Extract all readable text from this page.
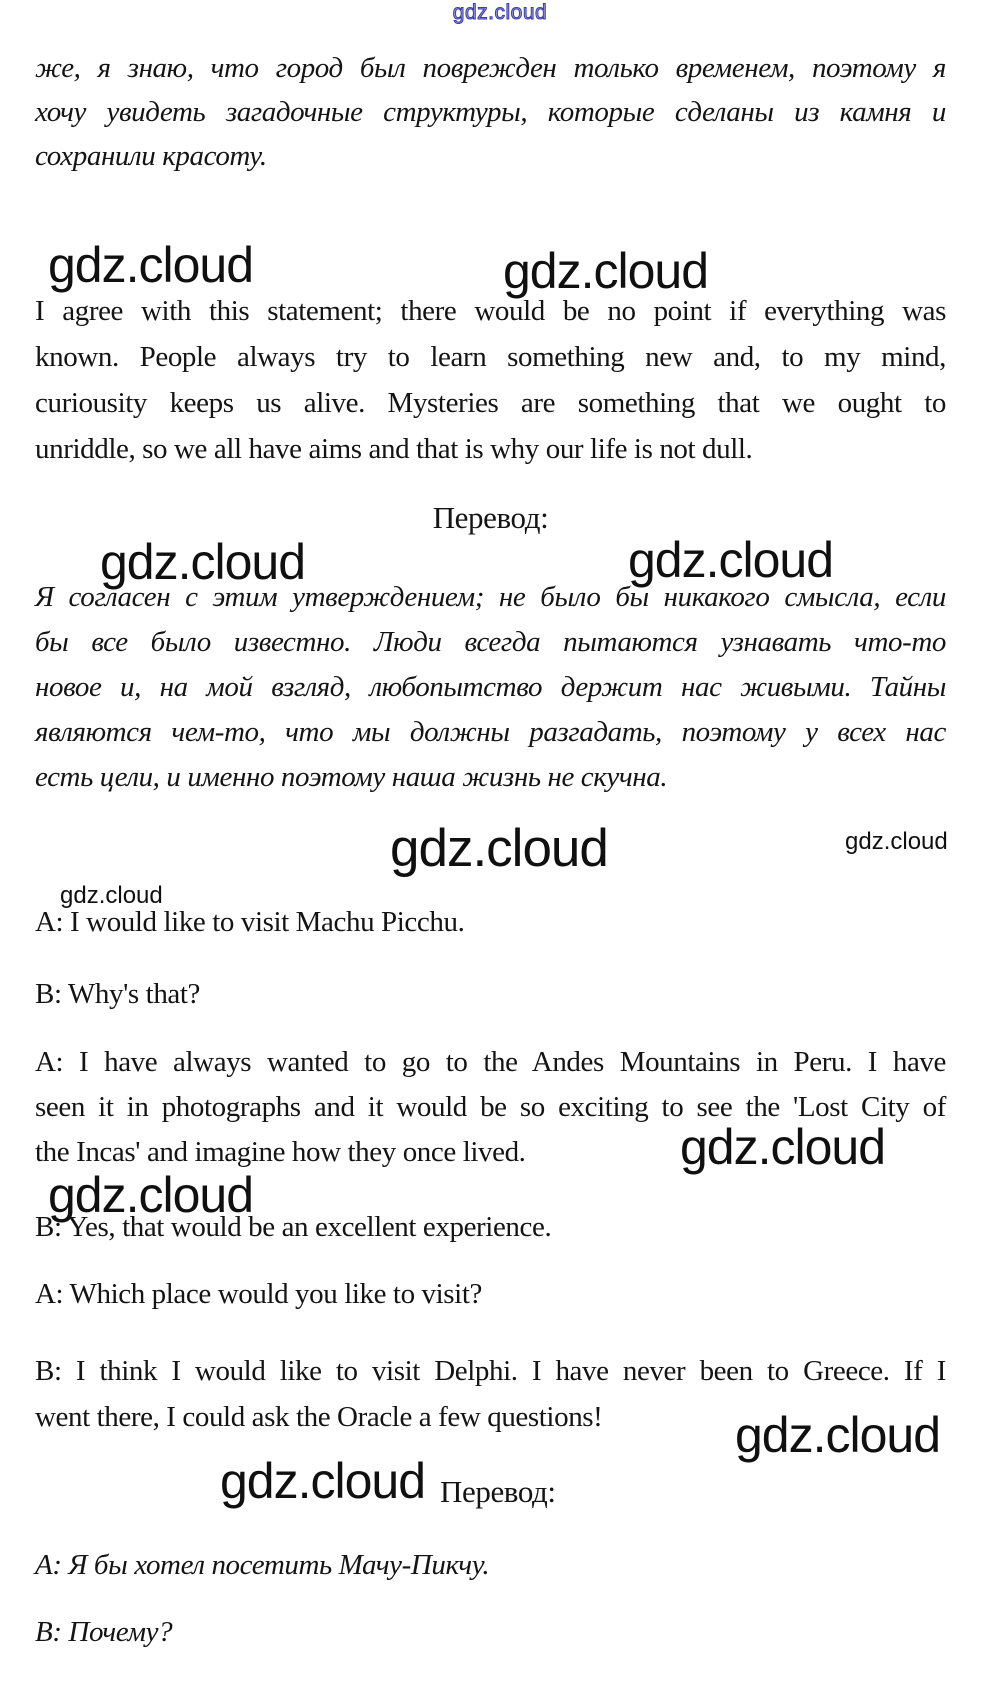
gdz.cloud
же, я знаю, что город был поврежден только временем, поэтому я
хочу увидеть загадочные структуры, которые сделаны из камня и
сохранили красоту.
gdz.cloud	gdz.cloud
I agree with this statement; there would be no point if everything was
known. People always try to learn something new and, to my mind,
curiousity keeps us alive. Mysteries are something that we ought to
unriddle, so we all have aims and that is why our life is not dull.
Перевод:
gdz.cloud	gdz.cloud
Я согласен с этим утверждением; не было бы никакого смысла, если
бы все было известно. Люди всегда пытаются узнавать что-то
новое и, на мой взгляд, любопытство держит нас живыми. Тайны
являются чем-то, что мы должны разгадать, поэтому у всех нас
есть цели, и именно поэтому наша жизнь не скучна.
gdz.cloud	gdz.cloud
gdz.cloud
A: I would like to visit Machu Picchu.
B: Why's that?
A: I have always wanted to go to the Andes Mountains in Peru. I have
seen it in photographs and it would be so exciting to see the 'Lost City of
the Incas' and imagine how they once lived.	gdz.cloud
gdz.cloud
B: Yes, that would be an excellent experience.
A: Which place would you like to visit?
B: I think I would like to visit Delphi. I have never been to Greece. If I
went there, I could ask the Oracle a few questions!	gdz.cloud
gdz.cloud Перевод:
А: Я бы хотел посетить Мачу-Пикчу.
В: Почему?
